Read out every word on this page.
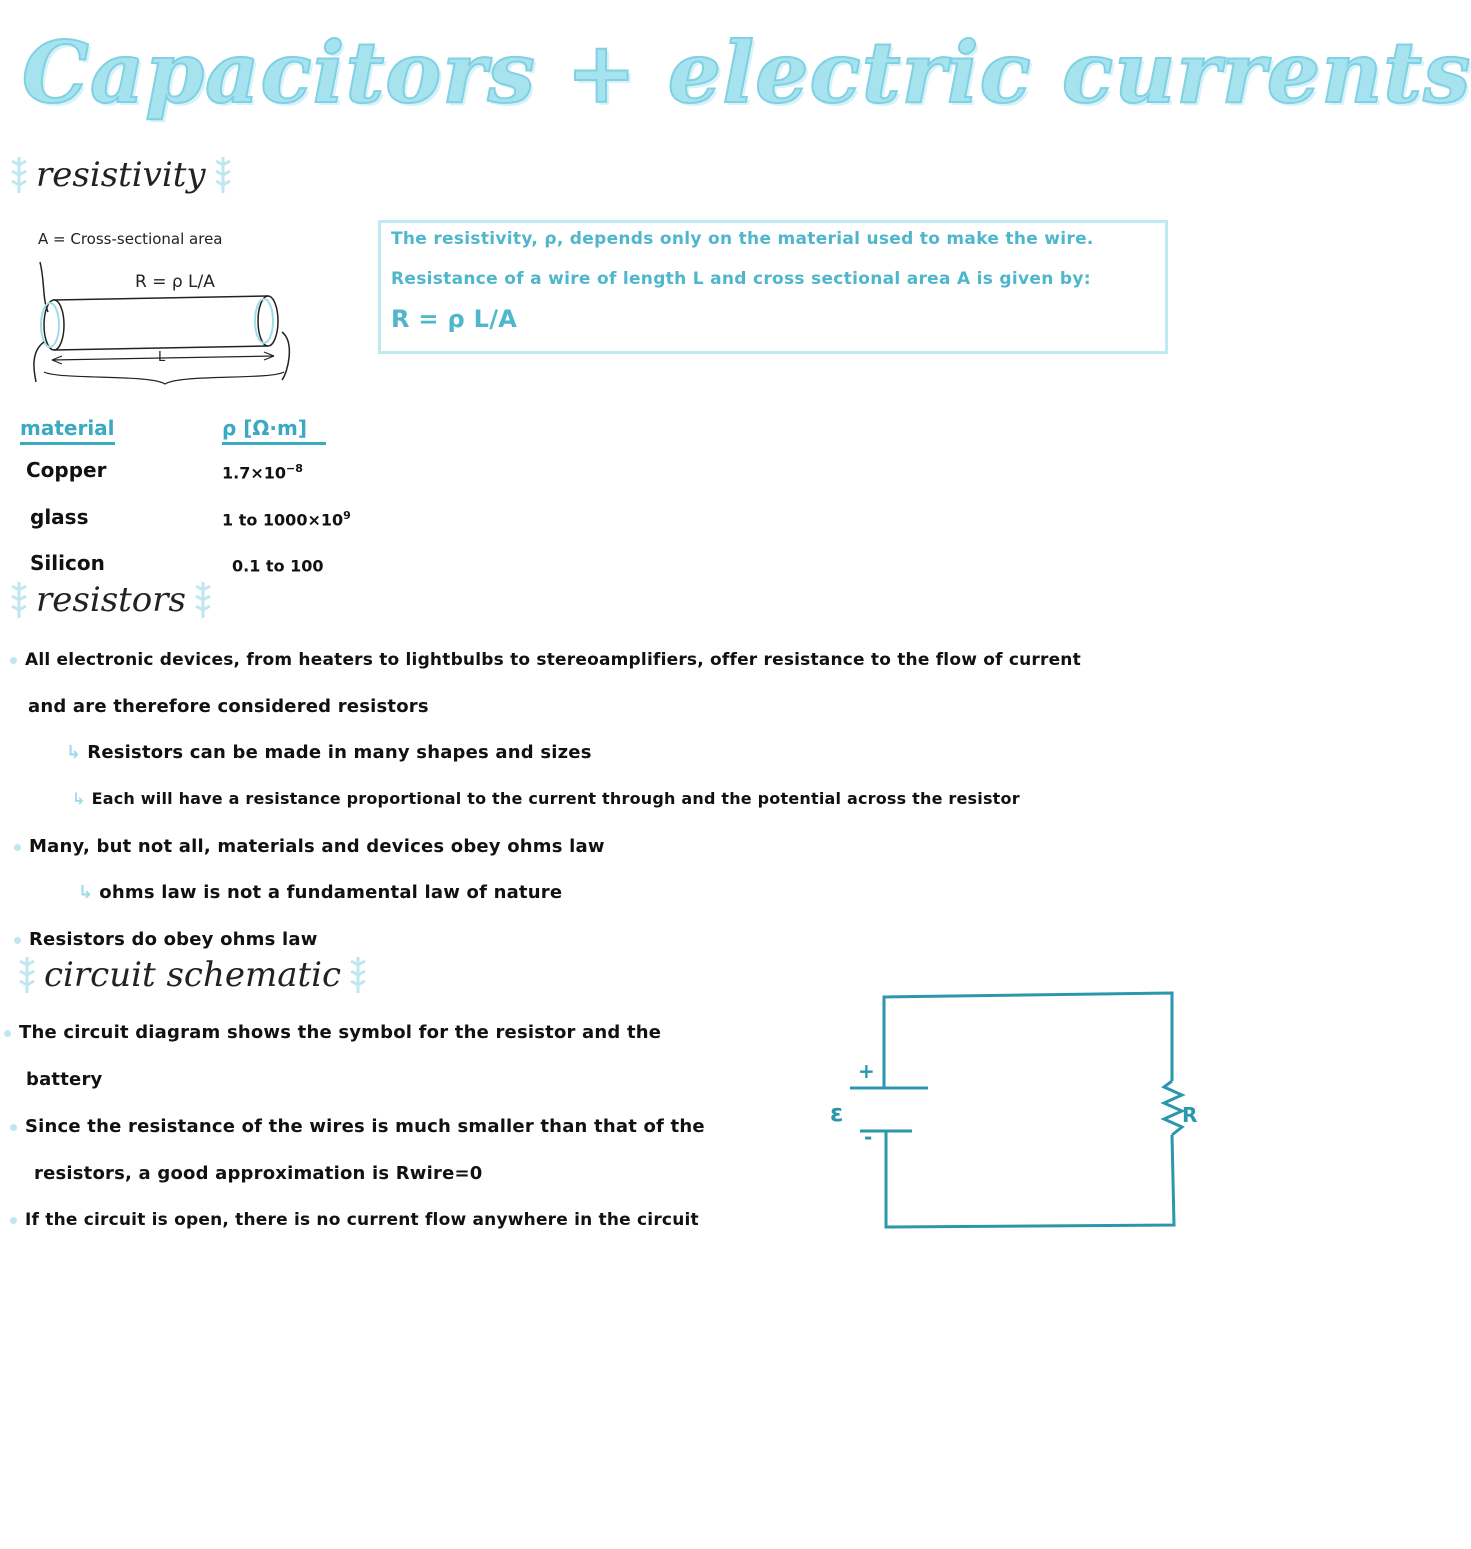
Capacitors + electric currents
resistivity
A = Cross-sectional area
R = ρ L/A
L
The resistivity, ρ, depends only on the material used to make the wire.
Resistance of a wire of length L and cross sectional area A is given by:
R = ρ L/A
material	ρ [Ω·m]
Copper	$1.7\times 10^{-8}$
glass	1 to $1000\times 10^9$
Silicon	0.1 to 100
resistors
All electronic devices, from heaters to lightbulbs to stereoamplifiers, offer resistance to the flow of current
and are therefore considered resistors
↳ Resistors can be made in many shapes and sizes
↳ Each will have a resistance proportional to the current through and the potential across the resistor
Many, but not all, materials and devices obey ohms law
↳ ohms law is not a fundamental law of nature
Resistors do obey ohms law
circuit schematic
The circuit diagram shows the symbol for the resistor and the
battery
Since the resistance of the wires is much smaller than that of the
resistors, a good approximation is Rwire=0
If the circuit is open, there is no current flow anywhere in the circuit
+
-
ε	R
